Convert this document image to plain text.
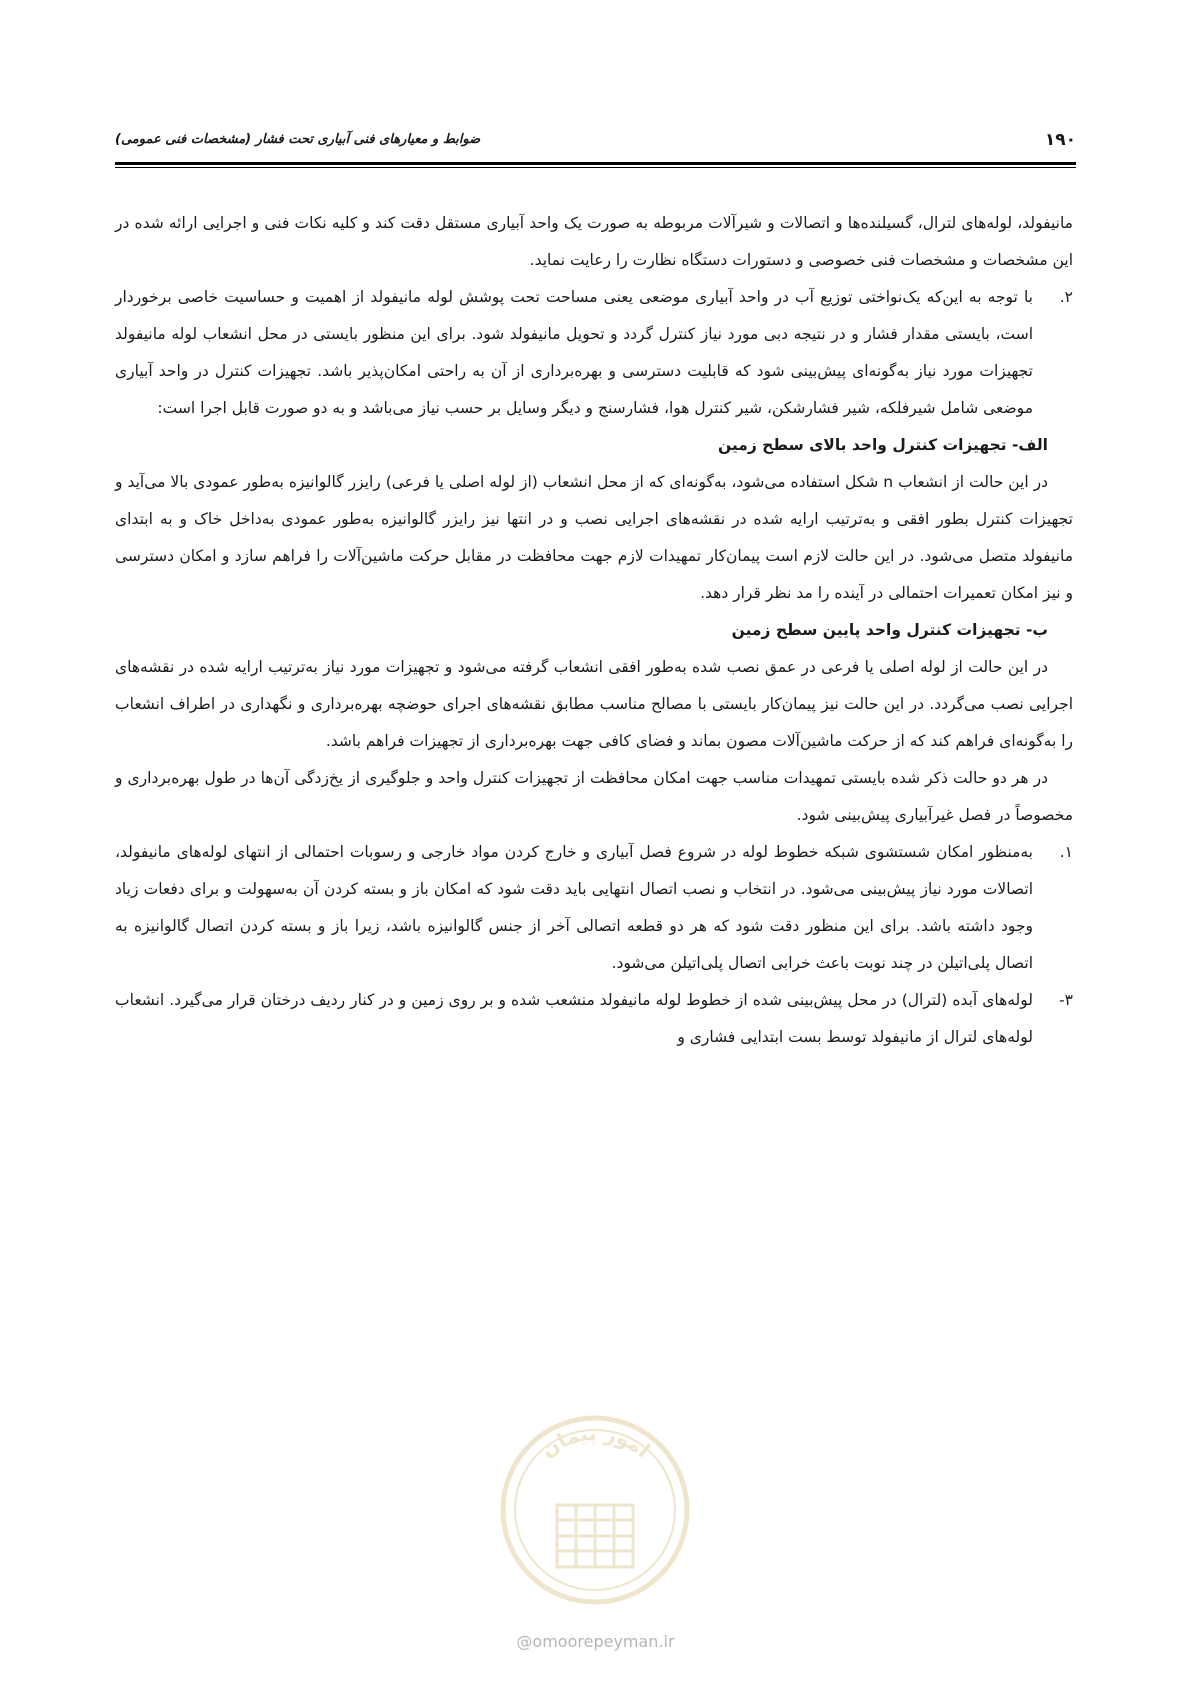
۱۹۰
ضوابط و معیارهای فنی آبیاری تحت فشار (مشخصات فنی عمومی)

مانیفولد، لوله‌های لترال، گسیلنده‌ها و اتصالات و شیرآلات مربوطه به صورت یک واحد آبیاری مستقل دقت کند و کلیه نکات فنی و اجرایی ارائه شده در این مشخصات و مشخصات فنی خصوصی و دستورات دستگاه نظارت را رعایت نماید.

۲.با توجه به این‌که یک‌نواختی توزیع آب در واحد آبیاری موضعی یعنی مساحت تحت پوشش لوله مانیفولد از اهمیت و حساسیت خاصی برخوردار است، بایستی مقدار فشار و در نتیجه دبی مورد نیاز کنترل گردد و تحویل مانیفولد شود. برای این منظور بایستی در محل انشعاب لوله مانیفولد تجهیزات مورد نیاز به‌گونه‌ای پیش‌بینی شود که قابلیت دسترسی و بهره‌برداری از آن به راحتی امکان‌پذیر باشد. تجهیزات کنترل در واحد آبیاری موضعی شامل شیرفلکه، شیر فشارشکن، شیر کنترل هوا، فشارسنج و دیگر وسایل بر حسب نیاز می‌باشد و به دو صورت قابل اجرا است:

الف- تجهیزات کنترل واحد بالای سطح زمین

در این حالت از انشعاب n شکل استفاده می‌شود، به‌گونه‌ای که از محل انشعاب (از لوله اصلی یا فرعی) رایزر گالوانیزه به‌طور عمودی بالا می‌آید و تجهیزات کنترل بطور افقی و به‌ترتیب ارایه شده در نقشه‌های اجرایی نصب و در انتها نیز رایزر گالوانیزه به‌طور عمودی به‌داخل خاک و به ابتدای مانیفولد متصل می‌شود. در این حالت لازم است پیمان‌کار تمهیدات لازم جهت محافظت در مقابل حرکت ماشین‌آلات را فراهم سازد و امکان دسترسی و نیز امکان تعمیرات احتمالی در آینده را مد نظر قرار دهد.

ب- تجهیزات کنترل واحد پایین سطح زمین

در این حالت از لوله اصلی یا فرعی در عمق نصب شده به‌طور افقی انشعاب گرفته می‌شود و تجهیزات مورد نیاز به‌ترتیب ارایه شده در نقشه‌های اجرایی نصب می‌گردد. در این حالت نیز پیمان‌کار بایستی با مصالح مناسب مطابق نقشه‌های اجرای حوضچه بهره‌برداری و نگهداری در اطراف انشعاب را به‌گونه‌ای فراهم کند که از حرکت ماشین‌آلات مصون بماند و فضای کافی جهت بهره‌برداری از تجهیزات فراهم باشد.

در هر دو حالت ذکر شده بایستی تمهیدات مناسب جهت امکان محافظت از تجهیزات کنترل واحد و جلوگیری از یخ‌زدگی آن‌ها در طول بهره‌برداری و مخصوصاً در فصل غیرآبیاری پیش‌بینی شود.

۱.به‌منظور امکان شستشوی شبکه خطوط لوله در شروع فصل آبیاری و خارج کردن مواد خارجی و رسوبات احتمالی از انتهای لوله‌های مانیفولد، اتصالات مورد نیاز پیش‌بینی می‌شود. در انتخاب و نصب اتصال انتهایی باید دقت شود که امکان باز و بسته کردن آن به‌سهولت و برای دفعات زیاد وجود داشته باشد. برای این منظور دقت شود که هر دو قطعه اتصالی آخر از جنس گالوانیزه باشد، زیرا باز و بسته کردن اتصال گالوانیزه به اتصال پلی‌اتیلن در چند نوبت باعث خرابی اتصال پلی‌اتیلن می‌شود.

۳-لوله‌های آبده (لترال) در محل پیش‌بینی شده از خطوط لوله مانیفولد منشعب شده و بر روی زمین و در کنار ردیف درختان قرار می‌گیرد. انشعاب لوله‌های لترال از مانیفولد توسط بست ابتدایی فشاری و

امور پیمان
@omoorepeyman.ir
